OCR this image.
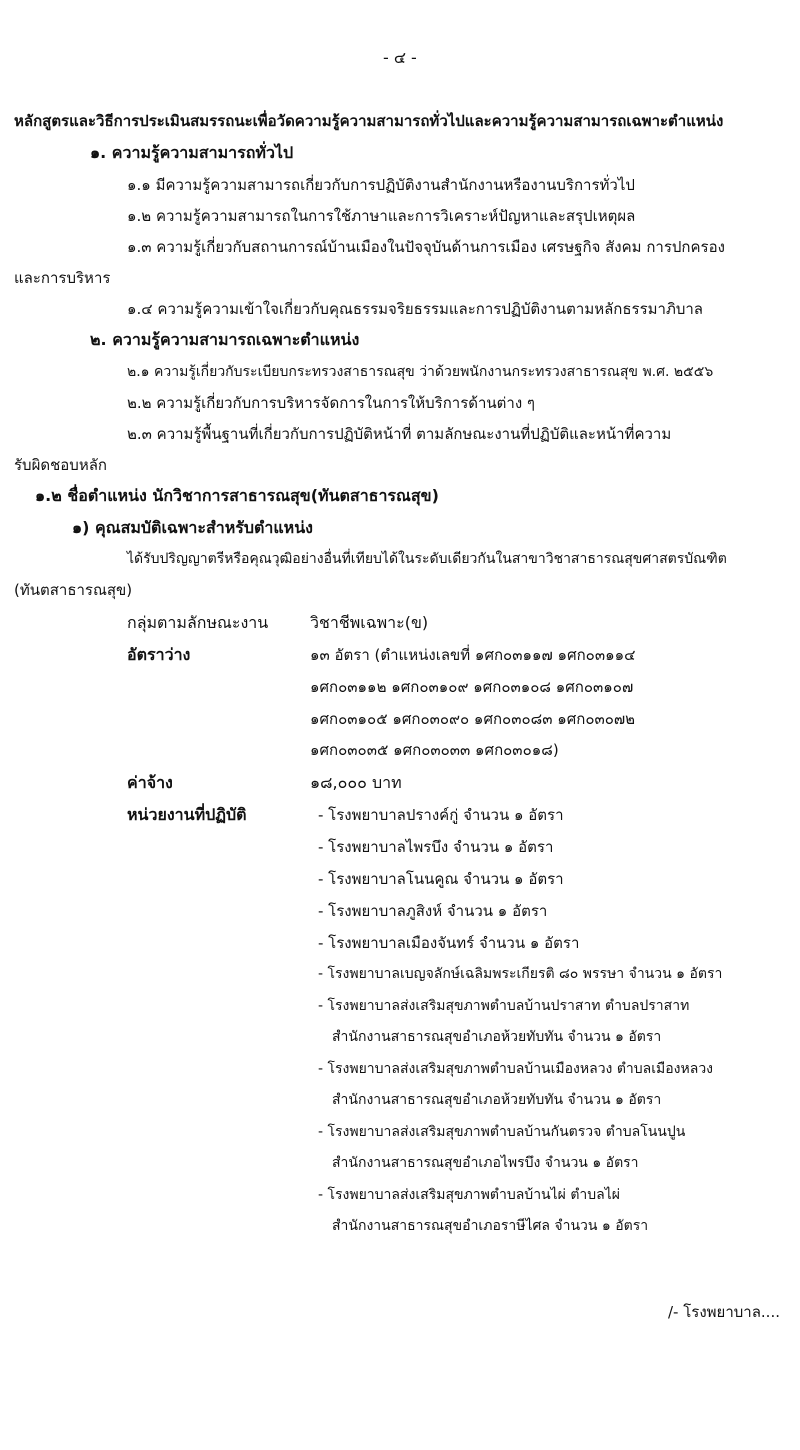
- ๔ -
หลักสูตรและวิธีการประเมินสมรรถนะเพื่อวัดความรู้ความสามารถทั่วไปและความรู้ความสามารถเฉพาะตำแหน่ง
๑. ความรู้ความสามารถทั่วไป
๑.๑ มีความรู้ความสามารถเกี่ยวกับการปฏิบัติงานสำนักงานหรืองานบริการทั่วไป
๑.๒ ความรู้ความสามารถในการใช้ภาษาและการวิเคราะห์ปัญหาและสรุปเหตุผล
๑.๓ ความรู้เกี่ยวกับสถานการณ์บ้านเมืองในปัจจุบันด้านการเมือง เศรษฐกิจ สังคม การปกครอง
และการบริหาร
๑.๔ ความรู้ความเข้าใจเกี่ยวกับคุณธรรมจริยธรรมและการปฏิบัติงานตามหลักธรรมาภิบาล
๒. ความรู้ความสามารถเฉพาะตำแหน่ง
๒.๑ ความรู้เกี่ยวกับระเบียบกระทรวงสาธารณสุข ว่าด้วยพนักงานกระทรวงสาธารณสุข พ.ศ. ๒๕๕๖
๒.๒ ความรู้เกี่ยวกับการบริหารจัดการในการให้บริการด้านต่าง ๆ
๒.๓ ความรู้พื้นฐานที่เกี่ยวกับการปฏิบัติหน้าที่ ตามลักษณะงานที่ปฏิบัติและหน้าที่ความ
รับผิดชอบหลัก
๑.๒ ชื่อตำแหน่ง นักวิชาการสาธารณสุข(ทันตสาธารณสุข)
๑) คุณสมบัติเฉพาะสำหรับตำแหน่ง
ได้รับปริญญาตรีหรือคุณวุฒิอย่างอื่นที่เทียบได้ในระดับเดียวกันในสาขาวิชาสาธารณสุขศาสตรบัณฑิต
(ทันตสาธารณสุข)
กลุ่มตามลักษณะงาน	วิชาชีพเฉพาะ(ข)
อัตราว่าง	๑๓ อัตรา (ตำแหน่งเลขที่ ๑ศก๐๓๑๑๗ ๑ศก๐๓๑๑๔
๑ศก๐๓๑๑๒ ๑ศก๐๓๑๐๙ ๑ศก๐๓๑๐๘ ๑ศก๐๓๑๐๗
๑ศก๐๓๑๐๕ ๑ศก๐๓๐๙๐ ๑ศก๐๓๐๘๓ ๑ศก๐๓๐๗๒
๑ศก๐๓๐๓๕ ๑ศก๐๓๐๓๓ ๑ศก๐๓๐๑๘)
ค่าจ้าง	๑๘,๐๐๐ บาท
หน่วยงานที่ปฏิบัติ	- โรงพยาบาลปรางค์กู่ จำนวน ๑ อัตรา
- โรงพยาบาลไพรบึง จำนวน ๑ อัตรา
- โรงพยาบาลโนนคูณ จำนวน ๑ อัตรา
- โรงพยาบาลภูสิงห์ จำนวน ๑ อัตรา
- โรงพยาบาลเมืองจันทร์ จำนวน ๑ อัตรา
- โรงพยาบาลเบญจลักษ์เฉลิมพระเกียรติ ๘๐ พรรษา จำนวน ๑ อัตรา
- โรงพยาบาลส่งเสริมสุขภาพตำบลบ้านปราสาท ตำบลปราสาท
สำนักงานสาธารณสุขอำเภอห้วยทับทัน จำนวน ๑ อัตรา
- โรงพยาบาลส่งเสริมสุขภาพตำบลบ้านเมืองหลวง ตำบลเมืองหลวง
สำนักงานสาธารณสุขอำเภอห้วยทับทัน จำนวน ๑ อัตรา
- โรงพยาบาลส่งเสริมสุขภาพตำบลบ้านกันตรวจ ตำบลโนนปูน
สำนักงานสาธารณสุขอำเภอไพรบึง จำนวน ๑ อัตรา
- โรงพยาบาลส่งเสริมสุขภาพตำบลบ้านไผ่ ตำบลไผ่
สำนักงานสาธารณสุขอำเภอราษีไศล จำนวน ๑ อัตรา
/- โรงพยาบาล....
